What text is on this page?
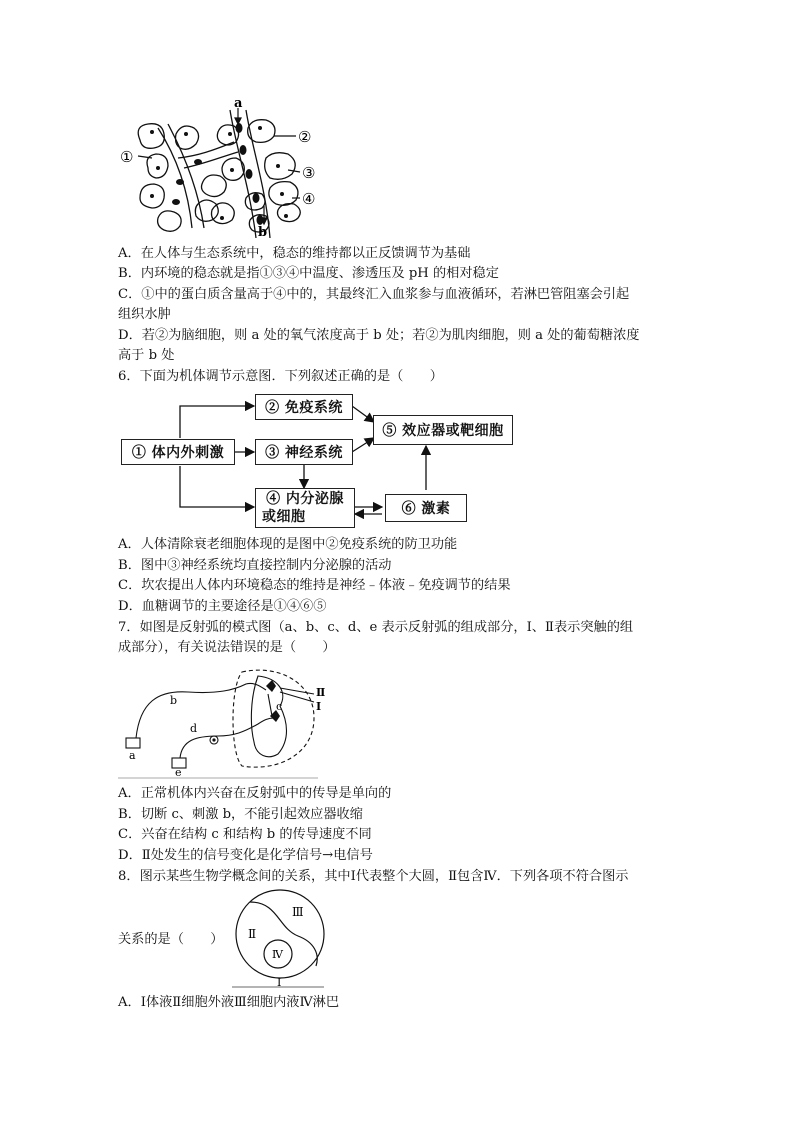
a
b
①
②
③
④
A．在人体与生态系统中，稳态的维持都以正反馈调节为基础
B．内环境的稳态就是指①③④中温度、渗透压及 pH 的相对稳定
C．①中的蛋白质含量高于④中的，其最终汇入血浆参与血液循环，若淋巴管阻塞会引起
组织水肿
D．若②为脑细胞，则 a 处的氧气浓度高于 b 处；若②为肌肉细胞，则 a 处的葡萄糖浓度
高于 b 处
6．下面为机体调节示意图．下列叙述正确的是（　　）
① 体内外刺激
② 免疫系统
③ 神经系统
⑤ 效应器或靶细胞
④ 内分泌腺
或细胞	⑥ 激素
A．人体清除衰老细胞体现的是图中②免疫系统的防卫功能
B．图中③神经系统均直接控制内分泌腺的活动
C．坎农提出人体内环境稳态的维持是神经﹣体液﹣免疫调节的结果
D．血糖调节的主要途径是①④⑥⑤
7．如图是反射弧的模式图（a、b、c、d、e 表示反射弧的组成部分，Ⅰ、Ⅱ表示突触的组
成部分），有关说法错误的是（　　）
b	c
d
a
e
Ⅱ
Ⅰ
A．正常机体内兴奋在反射弧中的传导是单向的
B．切断 c、刺激 b，不能引起效应器收缩
C．兴奋在结构 c 和结构 b 的传导速度不同
D．Ⅱ处发生的信号变化是化学信号→电信号
8．图示某些生物学概念间的关系，其中Ⅰ代表整个大圆，Ⅱ包含Ⅳ．下列各项不符合图示
Ⅲ
Ⅱ
Ⅳ
Ⅰ
关系的是（　　）
A．Ⅰ体液Ⅱ细胞外液Ⅲ细胞内液Ⅳ淋巴
